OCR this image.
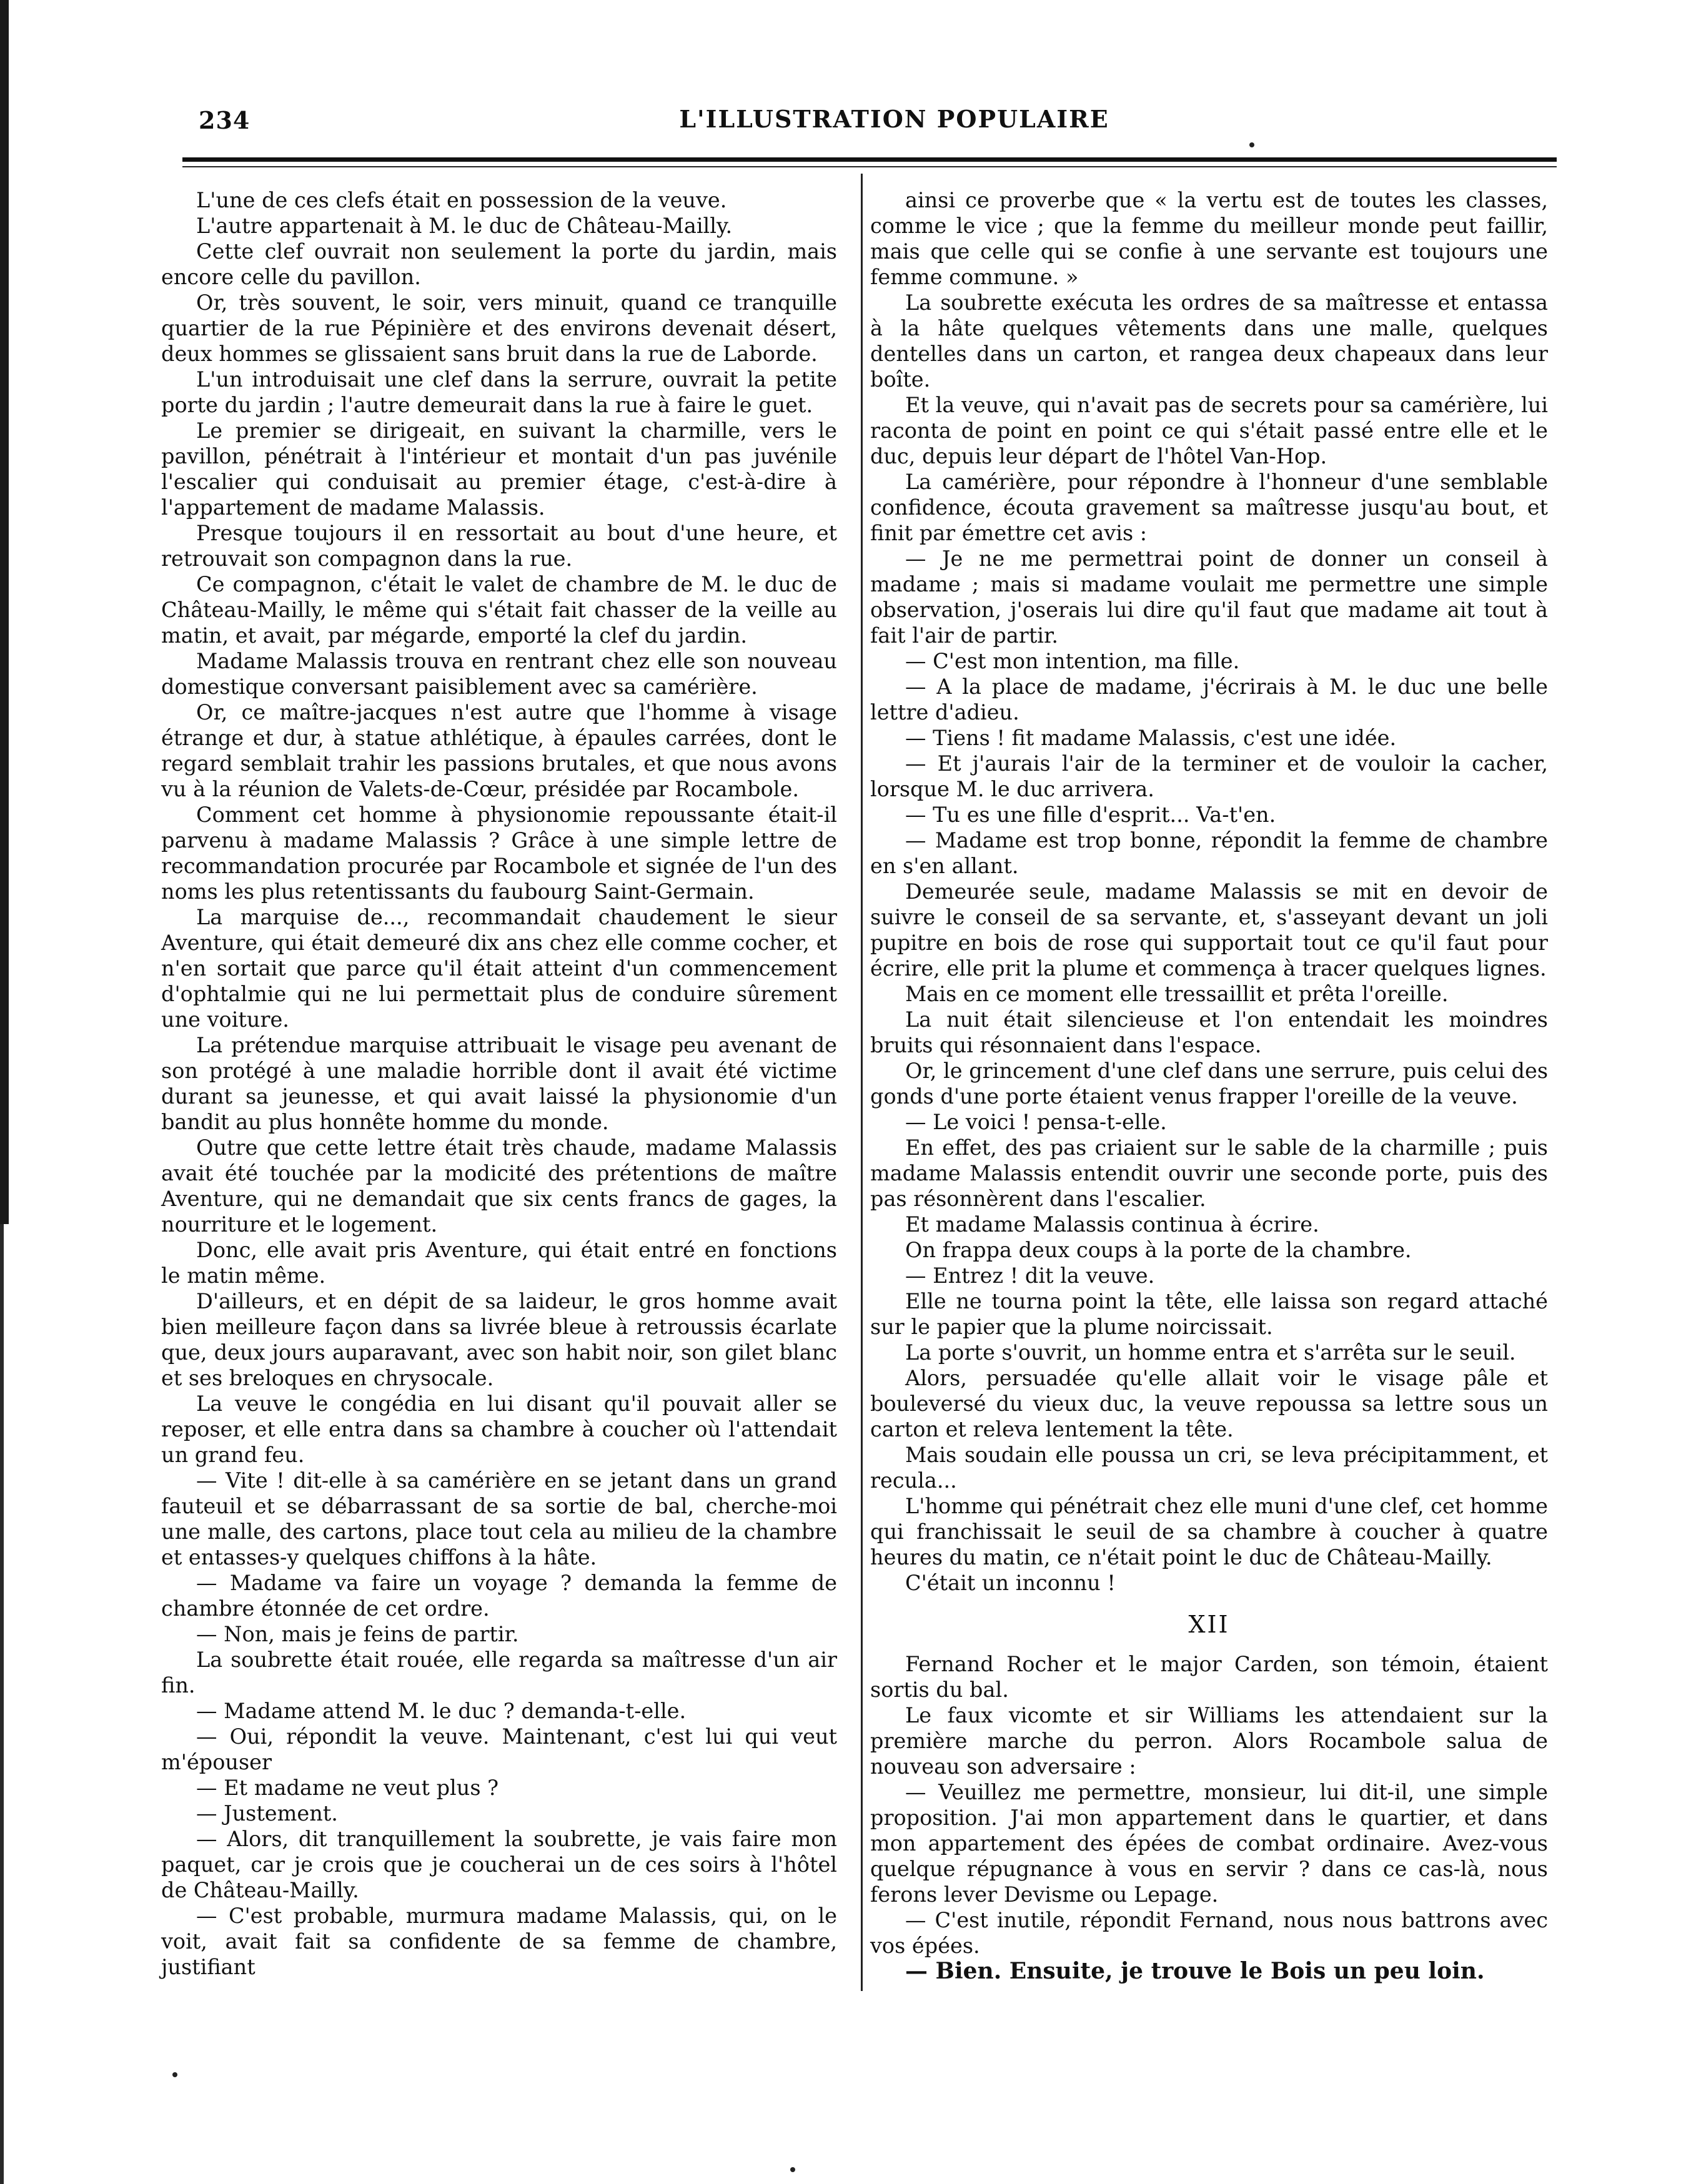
234	L'ILLUSTRATION POPULAIRE

L'une de ces clefs était en possession de la veuve.

L'autre appartenait à M. le duc de Château-Mailly.

Cette clef ouvrait non seulement la porte du jardin, mais encore celle du pavillon.

Or, très souvent, le soir, vers minuit, quand ce tranquille quartier de la rue Pépinière et des environs devenait désert, deux hommes se glissaient sans bruit dans la rue de Laborde.

L'un introduisait une clef dans la serrure, ouvrait la petite porte du jardin ; l'autre demeurait dans la rue à faire le guet.

Le premier se dirigeait, en suivant la charmille, vers le pavillon, pénétrait à l'intérieur et montait d'un pas juvénile l'escalier qui conduisait au premier étage, c'est-à-dire à l'appartement de madame Malassis.

Presque toujours il en ressortait au bout d'une heure, et retrouvait son compagnon dans la rue.

Ce compagnon, c'était le valet de chambre de M. le duc de Château-Mailly, le même qui s'était fait chasser de la veille au matin, et avait, par mégarde, emporté la clef du jardin.

Madame Malassis trouva en rentrant chez elle son nouveau domestique conversant paisiblement avec sa camérière.

Or, ce maître-jacques n'est autre que l'homme à visage étrange et dur, à statue athlétique, à épaules carrées, dont le regard semblait trahir les passions brutales, et que nous avons vu à la réunion de Valets-de-Cœur, présidée par Rocambole.

Comment cet homme à physionomie repoussante était-il parvenu à madame Malassis ? Grâce à une simple lettre de recommandation procurée par Rocambole et signée de l'un des noms les plus retentissants du faubourg Saint-Germain.

La marquise de..., recommandait chaudement le sieur Aventure, qui était demeuré dix ans chez elle comme cocher, et n'en sortait que parce qu'il était atteint d'un commencement d'ophtalmie qui ne lui permettait plus de conduire sûrement une voiture.

La prétendue marquise attribuait le visage peu avenant de son protégé à une maladie horrible dont il avait été victime durant sa jeunesse, et qui avait laissé la physionomie d'un bandit au plus honnête homme du monde.

Outre que cette lettre était très chaude, madame Malassis avait été touchée par la modicité des prétentions de maître Aventure, qui ne demandait que six cents francs de gages, la nourriture et le logement.

Donc, elle avait pris Aventure, qui était entré en fonctions le matin même.

D'ailleurs, et en dépit de sa laideur, le gros homme avait bien meilleure façon dans sa livrée bleue à retroussis écarlate que, deux jours auparavant, avec son habit noir, son gilet blanc et ses breloques en chrysocale.

La veuve le congédia en lui disant qu'il pouvait aller se reposer, et elle entra dans sa chambre à coucher où l'attendait un grand feu.

— Vite ! dit-elle à sa camérière en se jetant dans un grand fauteuil et se débarrassant de sa sortie de bal, cherche-moi une malle, des cartons, place tout cela au milieu de la chambre et entasses-y quelques chiffons à la hâte.

— Madame va faire un voyage ? demanda la femme de chambre étonnée de cet ordre.

— Non, mais je feins de partir.

La soubrette était rouée, elle regarda sa maîtresse d'un air fin.

— Madame attend M. le duc ? demanda-t-elle.

— Oui, répondit la veuve. Maintenant, c'est lui qui veut m'épouser

— Et madame ne veut plus ?

— Justement.

— Alors, dit tranquillement la soubrette, je vais faire mon paquet, car je crois que je coucherai un de ces soirs à l'hôtel de Château-Mailly.

— C'est probable, murmura madame Malassis, qui, on le voit, avait fait sa confidente de sa femme de chambre, justifiant

ainsi ce proverbe que « la vertu est de toutes les classes, comme le vice ; que la femme du meilleur monde peut faillir, mais que celle qui se confie à une servante est toujours une femme commune. »

La soubrette exécuta les ordres de sa maîtresse et entassa à la hâte quelques vêtements dans une malle, quelques dentelles dans un carton, et rangea deux chapeaux dans leur boîte.

Et la veuve, qui n'avait pas de secrets pour sa camérière, lui raconta de point en point ce qui s'était passé entre elle et le duc, depuis leur départ de l'hôtel Van-Hop.

La camérière, pour répondre à l'honneur d'une semblable confidence, écouta gravement sa maîtresse jusqu'au bout, et finit par émettre cet avis :

— Je ne me permettrai point de donner un conseil à madame ; mais si madame voulait me permettre une simple observation, j'oserais lui dire qu'il faut que madame ait tout à fait l'air de partir.

— C'est mon intention, ma fille.

— A la place de madame, j'écrirais à M. le duc une belle lettre d'adieu.

— Tiens ! fit madame Malassis, c'est une idée.

— Et j'aurais l'air de la terminer et de vouloir la cacher, lorsque M. le duc arrivera.

— Tu es une fille d'esprit... Va-t'en.

— Madame est trop bonne, répondit la femme de chambre en s'en allant.

Demeurée seule, madame Malassis se mit en devoir de suivre le conseil de sa servante, et, s'asseyant devant un joli pupitre en bois de rose qui supportait tout ce qu'il faut pour écrire, elle prit la plume et commença à tracer quelques lignes.

Mais en ce moment elle tressaillit et prêta l'oreille.

La nuit était silencieuse et l'on entendait les moindres bruits qui résonnaient dans l'espace.

Or, le grincement d'une clef dans une serrure, puis celui des gonds d'une porte étaient venus frapper l'oreille de la veuve.

— Le voici ! pensa-t-elle.

En effet, des pas criaient sur le sable de la charmille ; puis madame Malassis entendit ouvrir une seconde porte, puis des pas résonnèrent dans l'escalier.

Et madame Malassis continua à écrire.

On frappa deux coups à la porte de la chambre.

— Entrez ! dit la veuve.

Elle ne tourna point la tête, elle laissa son regard attaché sur le papier que la plume noircissait.

La porte s'ouvrit, un homme entra et s'arrêta sur le seuil.

Alors, persuadée qu'elle allait voir le visage pâle et bouleversé du vieux duc, la veuve repoussa sa lettre sous un carton et releva lentement la tête.

Mais soudain elle poussa un cri, se leva précipitamment, et recula...

L'homme qui pénétrait chez elle muni d'une clef, cet homme qui franchissait le seuil de sa chambre à coucher à quatre heures du matin, ce n'était point le duc de Château-Mailly.

C'était un inconnu !

XII

Fernand Rocher et le major Carden, son témoin, étaient sortis du bal.

Le faux vicomte et sir Williams les attendaient sur la première marche du perron. Alors Rocambole salua de nouveau son adversaire :

— Veuillez me permettre, monsieur, lui dit-il, une simple proposition. J'ai mon appartement dans le quartier, et dans mon appartement des épées de combat ordinaire. Avez-vous quelque répugnance à vous en servir ? dans ce cas-là, nous ferons lever Devisme ou Lepage.

— C'est inutile, répondit Fernand, nous nous battrons avec vos épées.

— Bien. Ensuite, je trouve le Bois un peu loin.
